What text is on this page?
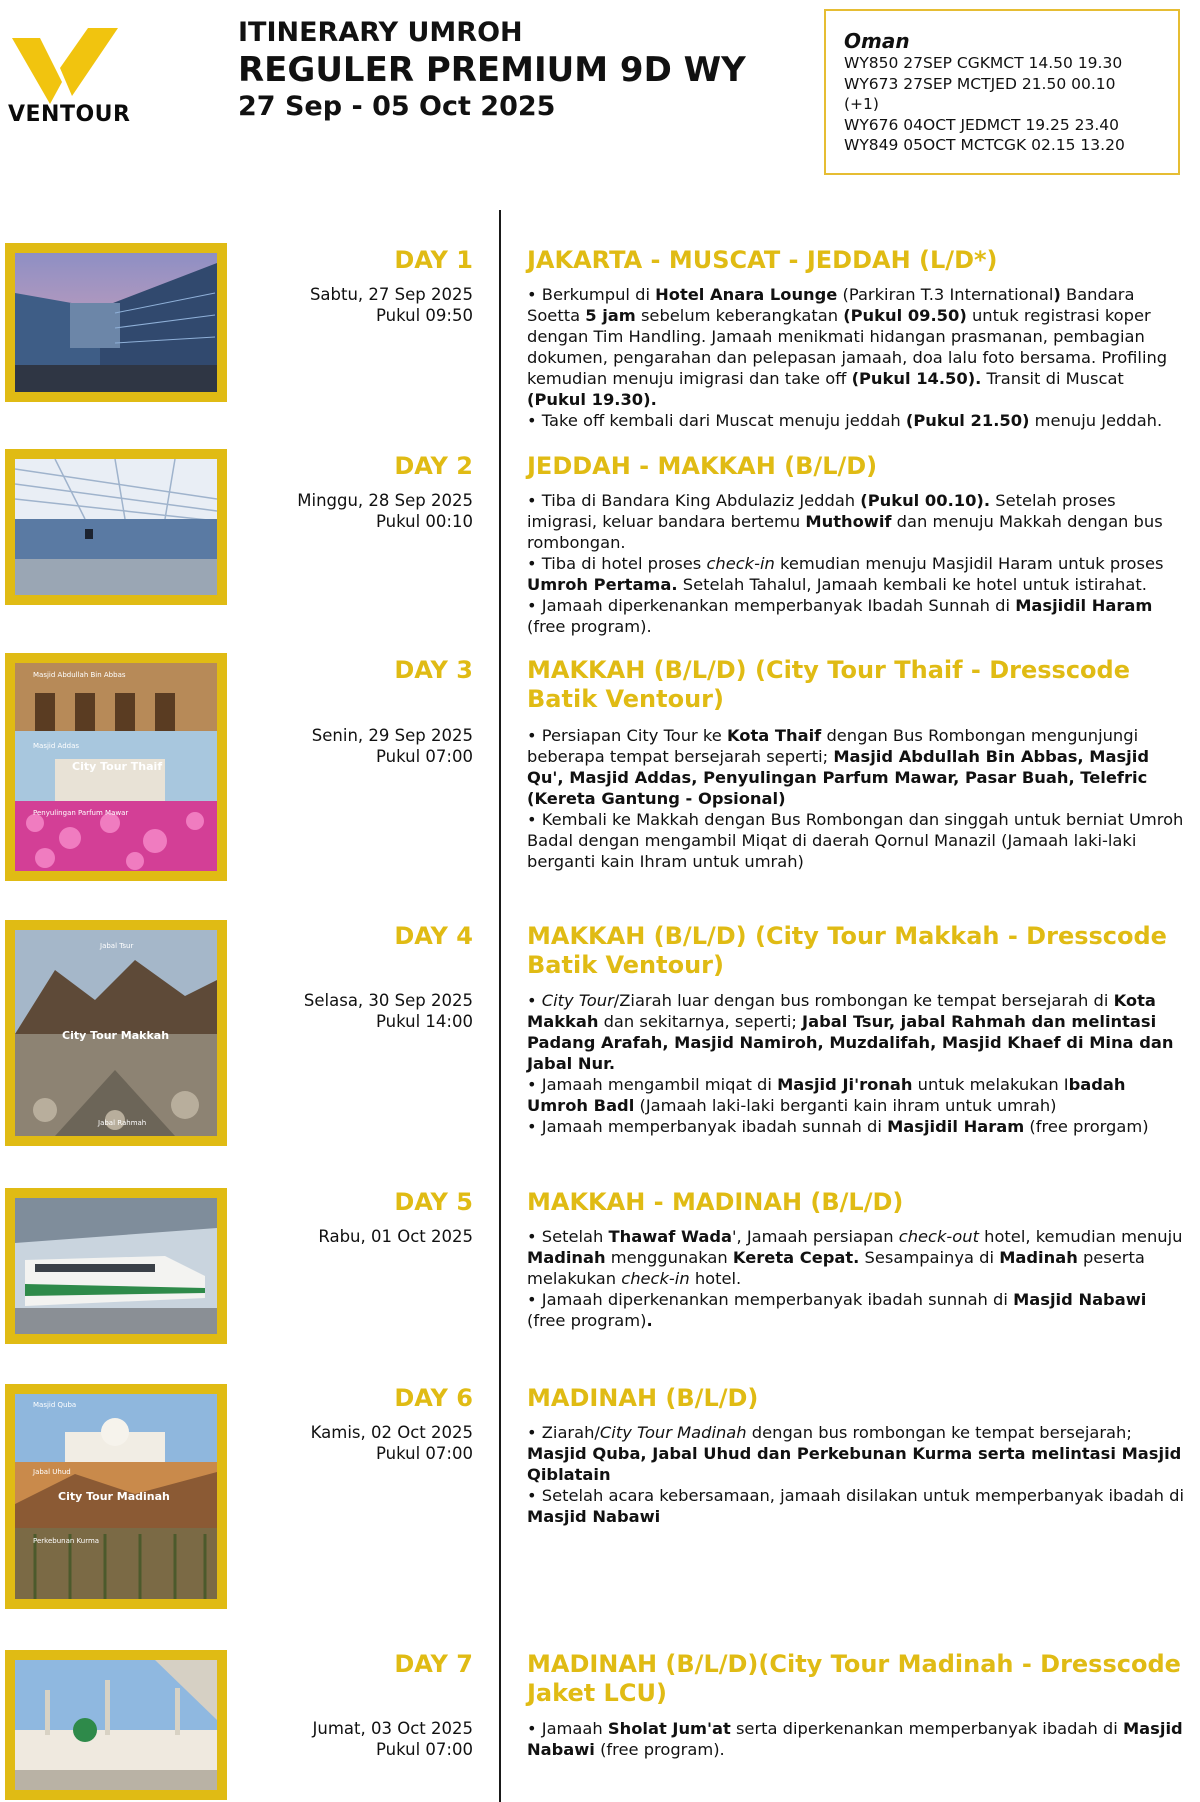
VENTOUR
ITINERARY UMROH
REGULER PREMIUM 9D WY
27 Sep - 05 Oct 2025
Oman
WY850 27SEP CGKMCT 14.50 19.30
WY673 27SEP MCTJED 21.50 00.10
(+1)
WY676 04OCT JEDMCT 19.25 23.40
WY849 05OCT MCTCGK 02.15 13.20
DAY 1
Sabtu, 27 Sep 2025
Pukul 09:50
JAKARTA - MUSCAT - JEDDAH (L/D*)

• Berkumpul di Hotel Anara Lounge (Parkiran T.3 International) Bandara Soetta 5 jam sebelum keberangkatan (Pukul 09.50) untuk registrasi koper dengan Tim Handling. Jamaah menikmati hidangan prasmanan, pembagian dokumen, pengarahan dan pelepasan jamaah, doa lalu foto bersama. Profiling kemudian menuju imigrasi dan take off (Pukul 14.50). Transit di Muscat (Pukul 19.30).

• Take off kembali dari Muscat menuju jeddah (Pukul 21.50) menuju Jeddah.

DAY 2
Minggu, 28 Sep 2025
Pukul 00:10
JEDDAH - MAKKAH (B/L/D)

• Tiba di Bandara King Abdulaziz Jeddah (Pukul 00.10). Setelah proses imigrasi, keluar bandara bertemu Muthowif dan menuju Makkah dengan bus rombongan.

• Tiba di hotel proses check-in kemudian menuju Masjidil Haram untuk proses Umroh Pertama. Setelah Tahalul, Jamaah kembali ke hotel untuk istirahat.

• Jamaah diperkenankan memperbanyak Ibadah Sunnah di Masjidil Haram (free program).

Masjid Abdullah Bin Abbas
Masjid Addas
City Tour Thaif
Penyulingan Parfum Mawar
DAY 3
Senin, 29 Sep 2025
Pukul 07:00
MAKKAH (B/L/D) (City Tour Thaif - Dresscode Batik Ventour)

• Persiapan City Tour ke Kota Thaif dengan Bus Rombongan mengunjungi beberapa tempat bersejarah seperti; Masjid Abdullah Bin Abbas, Masjid Qu', Masjid Addas, Penyulingan Parfum Mawar, Pasar Buah, Telefric (Kereta Gantung - Opsional)

• Kembali ke Makkah dengan Bus Rombongan dan singgah untuk berniat Umroh Badal dengan mengambil Miqat di daerah Qornul Manazil (Jamaah laki-laki berganti kain Ihram untuk umrah)

Jabal Tsur
City Tour Makkah
Jabal Rahmah
DAY 4
Selasa, 30 Sep 2025
Pukul 14:00
MAKKAH (B/L/D) (City Tour Makkah - Dresscode Batik Ventour)

• City Tour/Ziarah luar dengan bus rombongan ke tempat bersejarah di Kota Makkah dan sekitarnya, seperti; Jabal Tsur, jabal Rahmah dan melintasi Padang Arafah, Masjid Namiroh, Muzdalifah, Masjid Khaef di Mina dan Jabal Nur.

• Jamaah mengambil miqat di Masjid Ji'ronah untuk melakukan Ibadah Umroh Badl (Jamaah laki-laki berganti kain ihram untuk umrah)

• Jamaah memperbanyak ibadah sunnah di Masjidil Haram (free prorgam)

DAY 5
Rabu, 01 Oct 2025
MAKKAH - MADINAH (B/L/D)

• Setelah Thawaf Wada', Jamaah persiapan check-out hotel, kemudian menuju Madinah menggunakan Kereta Cepat. Sesampainya di Madinah peserta melakukan check-in hotel.

• Jamaah diperkenankan memperbanyak ibadah sunnah di Masjid Nabawi (free program).

Masjid Quba
Jabal Uhud
City Tour Madinah
Perkebunan Kurma
DAY 6
Kamis, 02 Oct 2025
Pukul 07:00
MADINAH (B/L/D)

• Ziarah/City Tour Madinah dengan bus rombongan ke tempat bersejarah; Masjid Quba, Jabal Uhud dan Perkebunan Kurma serta melintasi Masjid Qiblatain

• Setelah acara kebersamaan, jamaah disilakan untuk memperbanyak ibadah di Masjid Nabawi

DAY 7
Jumat, 03 Oct 2025
Pukul 07:00
MADINAH (B/L/D)(City Tour Madinah - Dresscode Jaket LCU)

• Jamaah Sholat Jum'at serta diperkenankan memperbanyak ibadah di Masjid Nabawi (free program).
